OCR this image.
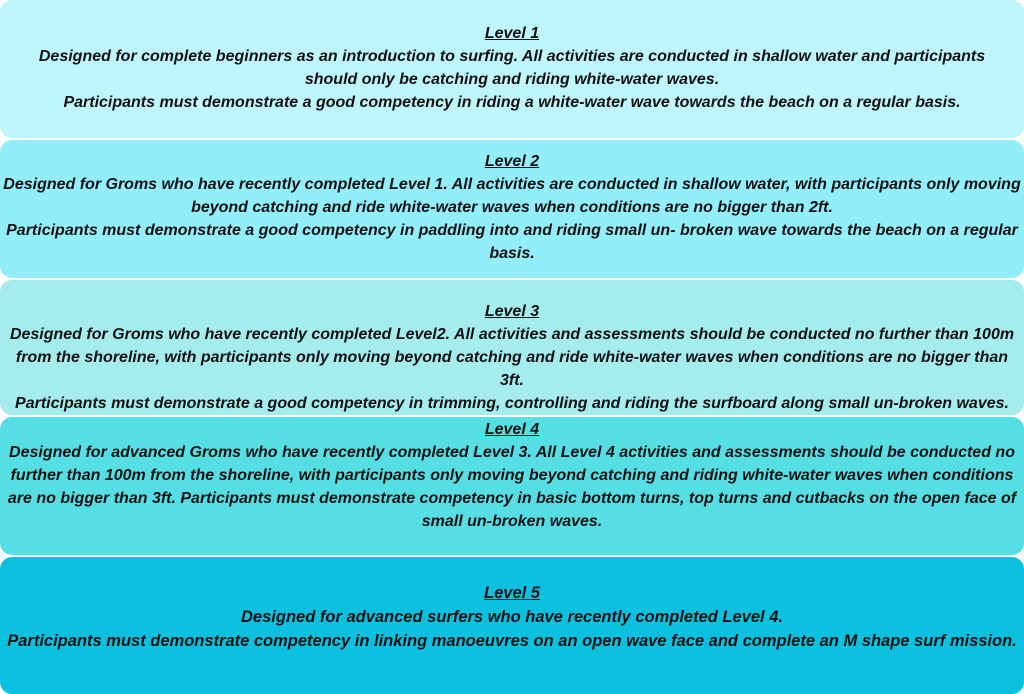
Level 1
Designed for complete beginners as an introduction to surfing. All activities are conducted in shallow water and participants should only be catching and riding white-water waves.
Participants must demonstrate a good competency in riding a white-water wave towards the beach on a regular basis.
Level 2
Designed for Groms who have recently completed Level 1. All activities are conducted in shallow water, with participants only moving beyond catching and ride white-water waves when conditions are no bigger than 2ft.
Participants must demonstrate a good competency in paddling into and riding small un- broken wave towards the beach on a regular basis.
Level 3
Designed for Groms who have recently completed Level2. All activities and assessments should be conducted no further than 100m from the shoreline, with participants only moving beyond catching and ride white-water waves when conditions are no bigger than 3ft.
Participants must demonstrate a good competency in trimming, controlling and riding the surfboard along small un-broken waves.
Level 4
Designed for advanced Groms who have recently completed Level 3. All Level 4 activities and assessments should be conducted no further than 100m from the shoreline, with participants only moving beyond catching and riding white-water waves when conditions are no bigger than 3ft. Participants must demonstrate competency in basic bottom turns, top turns and cutbacks on the open face of small un-broken waves.
Level 5
Designed for advanced surfers who have recently completed Level 4.
Participants must demonstrate competency in linking manoeuvres on an open wave face and complete an M shape surf mission.
